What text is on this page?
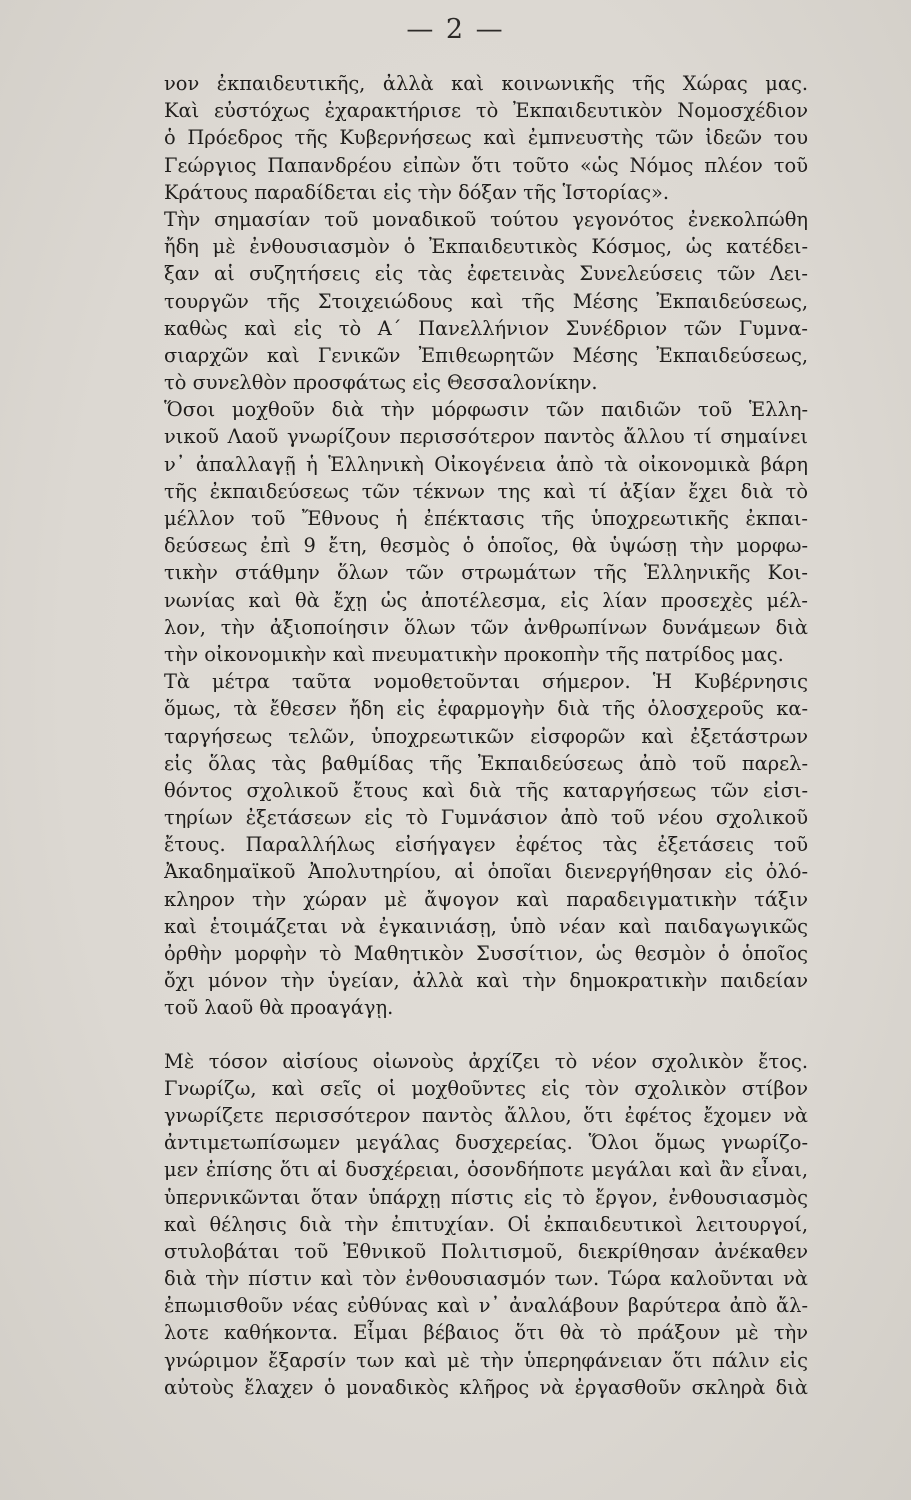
— 2 —
νον ἐκπαιδευτικῆς, ἀλλὰ καὶ κοινωνικῆς τῆς Χώρας μας.
Καὶ εὐστόχως ἐχαρακτήρισε τὸ Ἐκπαιδευτικὸν Νομοσχέδιον
ὁ Πρόεδρος τῆς Κυβερνήσεως καὶ ἐμπνευστὴς τῶν ἰδεῶν του
Γεώργιος Παπανδρέου εἰπὼν ὅτι τοῦτο «ὡς Νόμος πλέον τοῦ
Κράτους παραδίδεται εἰς τὴν δόξαν τῆς Ἱστορίας».
Τὴν σημασίαν τοῦ μοναδικοῦ τούτου γεγονότος ἐνεκολπώθη
ἤδη μὲ ἐνθουσιασμὸν ὁ Ἐκπαιδευτικὸς Κόσμος, ὡς κατέδει-
ξαν αἱ συζητήσεις εἰς τὰς ἐφετεινὰς Συνελεύσεις τῶν Λει-
τουργῶν τῆς Στοιχειώδους καὶ τῆς Μέσης Ἐκπαιδεύσεως,
καθὼς καὶ εἰς τὸ Α΄ Πανελλήνιον Συνέδριον τῶν Γυμνα-
σιαρχῶν καὶ Γενικῶν Ἐπιθεωρητῶν Μέσης Ἐκπαιδεύσεως,
τὸ συνελθὸν προσφάτως εἰς Θεσσαλονίκην.
Ὅσοι μοχθοῦν διὰ τὴν μόρφωσιν τῶν παιδιῶν τοῦ Ἑλλη-
νικοῦ Λαοῦ γνωρίζουν περισσότερον παντὸς ἄλλου τί σημαίνει
ν᾽ ἀπαλλαγῇ ἡ Ἑλληνικὴ Οἰκογένεια ἀπὸ τὰ οἰκονομικὰ βάρη
τῆς ἐκπαιδεύσεως τῶν τέκνων της καὶ τί ἀξίαν ἔχει διὰ τὸ
μέλλον τοῦ Ἔθνους ἡ ἐπέκτασις τῆς ὑποχρεωτικῆς ἐκπαι-
δεύσεως ἐπὶ 9 ἔτη, θεσμὸς ὁ ὁποῖος, θὰ ὑψώσῃ τὴν μορφω-
τικὴν στάθμην ὅλων τῶν στρωμάτων τῆς Ἑλληνικῆς Κοι-
νωνίας καὶ θὰ ἔχῃ ὡς ἀποτέλεσμα, εἰς λίαν προσεχὲς μέλ-
λον, τὴν ἀξιοποίησιν ὅλων τῶν ἀνθρωπίνων δυνάμεων διὰ
τὴν οἰκονομικὴν καὶ πνευματικὴν προκοπὴν τῆς πατρίδος μας.
Τὰ μέτρα ταῦτα νομοθετοῦνται σήμερον. Ἡ Κυβέρνησις
ὅμως, τὰ ἔθεσεν ἤδη εἰς ἐφαρμογὴν διὰ τῆς ὁλοσχεροῦς κα-
ταργήσεως τελῶν, ὑποχρεωτικῶν εἰσφορῶν καὶ ἐξετάστρων
εἰς ὅλας τὰς βαθμίδας τῆς Ἐκπαιδεύσεως ἀπὸ τοῦ παρελ-
θόντος σχολικοῦ ἔτους καὶ διὰ τῆς καταργήσεως τῶν εἰσι-
τηρίων ἐξετάσεων εἰς τὸ Γυμνάσιον ἀπὸ τοῦ νέου σχολικοῦ
ἔτους. Παραλλήλως εἰσήγαγεν ἐφέτος τὰς ἐξετάσεις τοῦ
Ἀκαδημαϊκοῦ Ἀπολυτηρίου, αἱ ὁποῖαι διενεργήθησαν εἰς ὁλό-
κληρον τὴν χώραν μὲ ἄψογον καὶ παραδειγματικὴν τάξιν
καὶ ἑτοιμάζεται νὰ ἐγκαινιάσῃ, ὑπὸ νέαν καὶ παιδαγωγικῶς
ὀρθὴν μορφὴν τὸ Μαθητικὸν Συσσίτιον, ὡς θεσμὸν ὁ ὁποῖος
ὄχι μόνον τὴν ὑγείαν, ἀλλὰ καὶ τὴν δημοκρατικὴν παιδείαν
τοῦ λαοῦ θὰ προαγάγῃ.
Μὲ τόσον αἰσίους οἰωνοὺς ἀρχίζει τὸ νέον σχολικὸν ἔτος.
Γνωρίζω, καὶ σεῖς οἱ μοχθοῦντες εἰς τὸν σχολικὸν στίβον
γνωρίζετε περισσότερον παντὸς ἄλλου, ὅτι ἐφέτος ἔχομεν νὰ
ἀντιμετωπίσωμεν μεγάλας δυσχερείας. Ὅλοι ὅμως γνωρίζο-
μεν ἐπίσης ὅτι αἱ δυσχέρειαι, ὁσονδήποτε μεγάλαι καὶ ἂν εἶναι,
ὑπερνικῶνται ὅταν ὑπάρχῃ πίστις εἰς τὸ ἔργον, ἐνθουσιασμὸς
καὶ θέλησις διὰ τὴν ἐπιτυχίαν. Οἱ ἐκπαιδευτικοὶ λειτουργοί,
στυλοβάται τοῦ Ἐθνικοῦ Πολιτισμοῦ, διεκρίθησαν ἀνέκαθεν
διὰ τὴν πίστιν καὶ τὸν ἐνθουσιασμόν των. Τώρα καλοῦνται νὰ
ἐπωμισθοῦν νέας εὐθύνας καὶ ν᾽ ἀναλάβουν βαρύτερα ἀπὸ ἄλ-
λοτε καθήκοντα. Εἶμαι βέβαιος ὅτι θὰ τὸ πράξουν μὲ τὴν
γνώριμον ἔξαρσίν των καὶ μὲ τὴν ὑπερηφάνειαν ὅτι πάλιν εἰς
αὐτοὺς ἔλαχεν ὁ μοναδικὸς κλῆρος νὰ ἐργασθοῦν σκληρὰ διὰ
